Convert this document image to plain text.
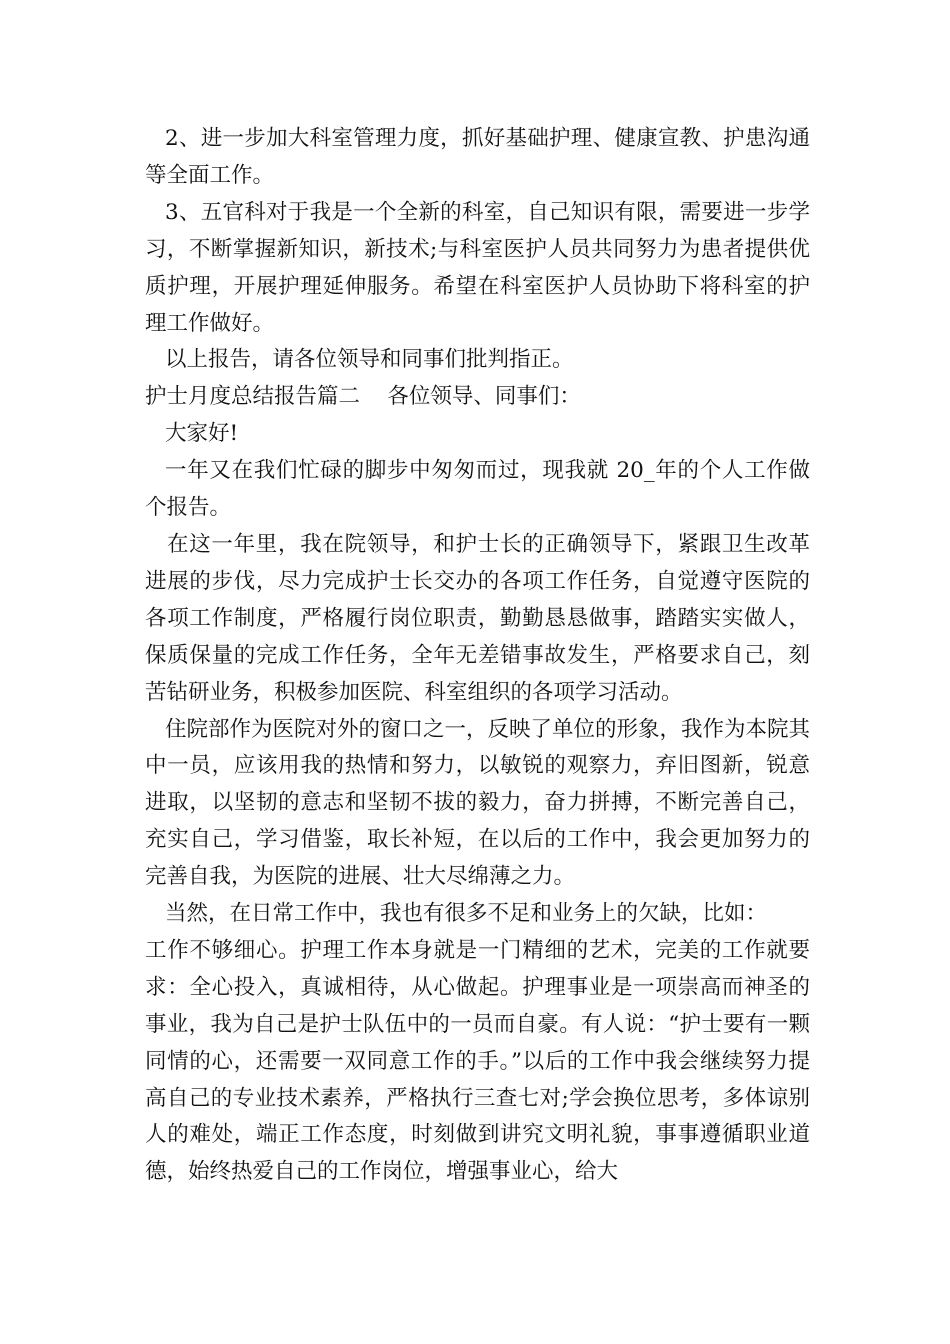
2、进一步加大科室管理力度，抓好基础护理、健康宣教、护患沟通等全面工作。

3、五官科对于我是一个全新的科室，自己知识有限，需要进一步学习，不断掌握新知识，新技术;与科室医护人员共同努力为患者提供优质护理，开展护理延伸服务。希望在科室医护人员协助下将科室的护理工作做好。

以上报告，请各位领导和同事们批判指正。

护士月度总结报告篇二 各位领导、同事们：

大家好!

一年又在我们忙碌的脚步中匆匆而过，现我就 20_年的个人工作做个报告。

在这一年里，我在院领导，和护士长的正确领导下，紧跟卫生改革进展的步伐，尽力完成护士长交办的各项工作任务，自觉遵守医院的各项工作制度，严格履行岗位职责，勤勤恳恳做事，踏踏实实做人，保质保量的完成工作任务，全年无差错事故发生，严格要求自己，刻苦钻研业务，积极参加医院、科室组织的各项学习活动。

住院部作为医院对外的窗口之一，反映了单位的形象，我作为本院其中一员，应该用我的热情和努力，以敏锐的观察力，弃旧图新，锐意进取，以坚韧的意志和坚韧不拔的毅力，奋力拼搏，不断完善自己，充实自己，学习借鉴，取长补短，在以后的工作中，我会更加努力的完善自我，为医院的进展、壮大尽绵薄之力。

当然，在日常工作中，我也有很多不足和业务上的欠缺，比如：

工作不够细心。护理工作本身就是一门精细的艺术，完美的工作就要求：全心投入，真诚相待，从心做起。护理事业是一项崇高而神圣的事业，我为自己是护士队伍中的一员而自豪。有人说：“护士要有一颗同情的心，还需要一双同意工作的手。”以后的工作中我会继续努力提高自己的专业技术素养，严格执行三查七对;学会换位思考，多体谅别人的难处，端正工作态度，时刻做到讲究文明礼貌，事事遵循职业道德，始终热爱自己的工作岗位，增强事业心，给大
